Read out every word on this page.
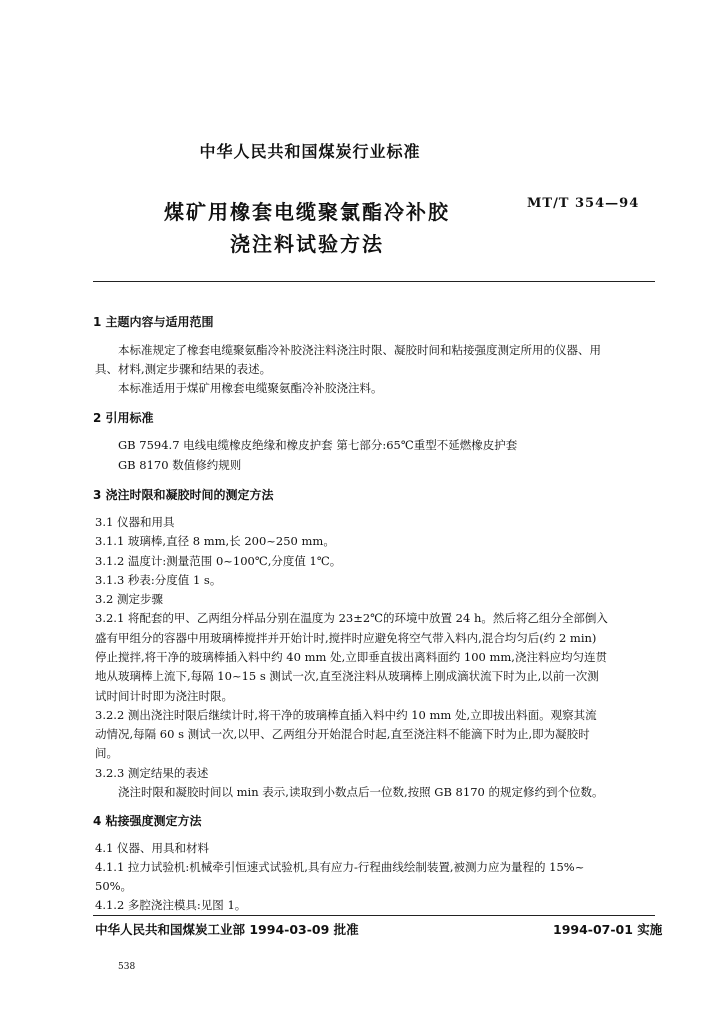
中华人民共和国煤炭行业标准
煤矿用橡套电缆聚氯酯冷补胶
浇注料试验方法
MT/T 354—94
1 主题内容与适用范围
本标准规定了橡套电缆聚氨酯冷补胶浇注料浇注时限、凝胶时间和粘接强度测定所用的仪器、用
具、材料,测定步骤和结果的表述。
本标准适用于煤矿用橡套电缆聚氨酯冷补胶浇注料。
2 引用标准
GB 7594.7 电线电缆橡皮绝缘和橡皮护套 第七部分:65℃重型不延燃橡皮护套
GB 8170 数值修约规则
3 浇注时限和凝胶时间的测定方法
3.1 仪器和用具
3.1.1 玻璃棒,直径 8 mm,长 200~250 mm。
3.1.2 温度计:测量范围 0~100℃,分度值 1℃。
3.1.3 秒表:分度值 1 s。
3.2 测定步骤
3.2.1 将配套的甲、乙两组分样品分别在温度为 23±2℃的环境中放置 24 h。然后将乙组分全部倒入
盛有甲组分的容器中用玻璃棒搅拌并开始计时,搅拌时应避免将空气带入料内,混合均匀后(约 2 min)
停止搅拌,将干净的玻璃棒插入料中约 40 mm 处,立即垂直拔出离料面约 100 mm,浇注料应均匀连贯
地从玻璃棒上流下,每隔 10~15 s 测试一次,直至浇注料从玻璃棒上刚成滴状流下时为止,以前一次测
试时间计时即为浇注时限。
3.2.2 测出浇注时限后继续计时,将干净的玻璃棒直插入料中约 10 mm 处,立即拔出料面。观察其流
动情况,每隔 60 s 测试一次,以甲、乙两组分开始混合时起,直至浇注料不能滴下时为止,即为凝胶时
间。
3.2.3 测定结果的表述
浇注时限和凝胶时间以 min 表示,读取到小数点后一位数,按照 GB 8170 的规定修约到个位数。
4 粘接强度测定方法
4.1 仪器、用具和材料
4.1.1 拉力试验机:机械牵引恒速式试验机,具有应力-行程曲线绘制装置,被测力应为量程的 15%~
50%。
4.1.2 多腔浇注模具:见图 1。
中华人民共和国煤炭工业部 1994-03-09 批准	1994-07-01 实施
538
